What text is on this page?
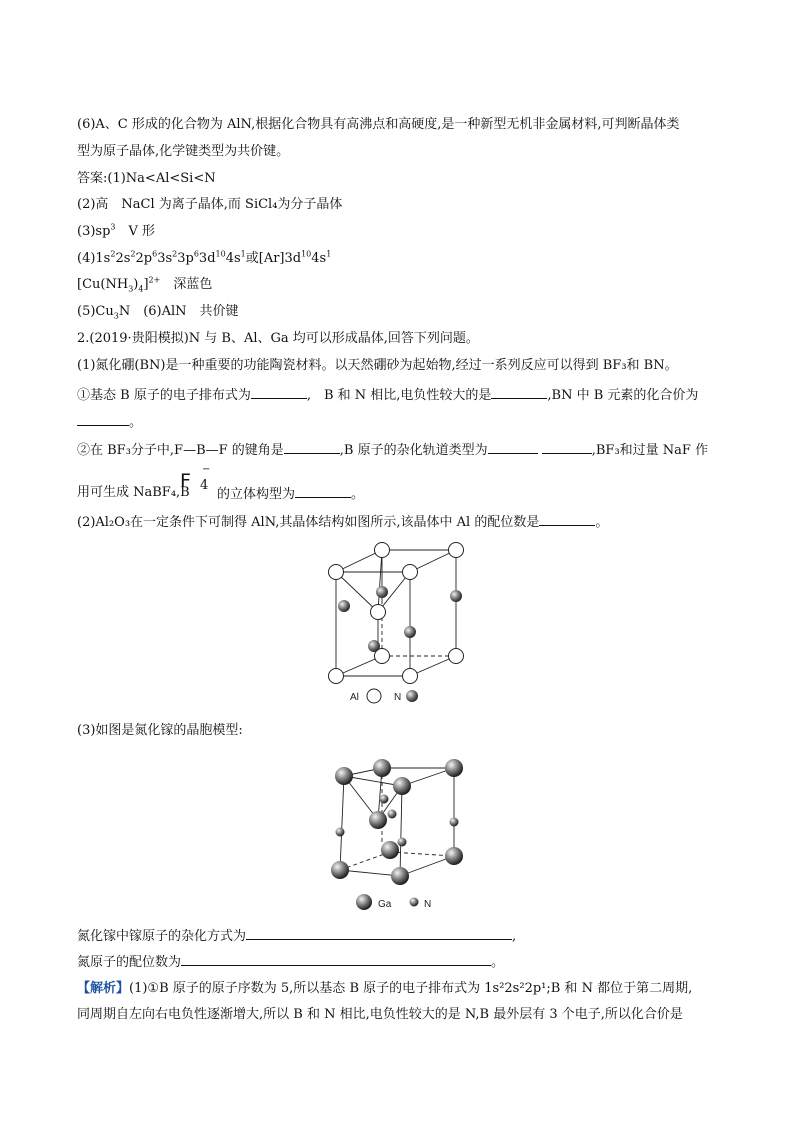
(6)A、C 形成的化合物为 AlN,根据化合物具有高沸点和高硬度,是一种新型无机非金属材料,可判断晶体类
型为原子晶体,化学键类型为共价键。
答案:(1)Na<Al<Si<N
(2)高　NaCl 为离子晶体,而 SiCl₄为分子晶体
$(3)sp^3$　V 形
$(4)1s^22s^22p^63s^23p^63d^{10}4s^1$或$[Ar]3d^{10}4s^1$
$[Cu(NH_3)_4]^{2+}$　深蓝色
$(5)Cu_3N$　(6)AlN　共价键
2.(2019·贵阳模拟)N 与 B、Al、Ga 均可以形成晶体,回答下列问题。
(1)氮化硼(BN)是一种重要的功能陶瓷材料。以天然硼砂为起始物,经过一系列反应可以得到 BF₃和 BN。
①基态 B 原子的电子排布式为	,　B 和 N 相比,电负性较大的是	,BN 中 B 元素的化合价为
。
②在 BF₃分子中,F—B—F 的键角是	,B 原子的杂化轨道类型为	,BF₃和过量 NaF 作
用可生成 NaBF₄,B
F
−
4
的立体构型为	。
(2)Al₂O₃在一定条件下可制得 AlN,其晶体结构如图所示,该晶体中 Al 的配位数是	。
Al	N
(3)如图是氮化镓的晶胞模型:
Ga	N
氮化镓中镓原子的杂化方式为	,
氮原子的配位数为	。
【解析】(1)①B 原子的原子序数为 5,所以基态 B 原子的电子排布式为 1s²2s²2p¹;B 和 N 都位于第二周期,
同周期自左向右电负性逐渐增大,所以 B 和 N 相比,电负性较大的是 N,B 最外层有 3 个电子,所以化合价是
